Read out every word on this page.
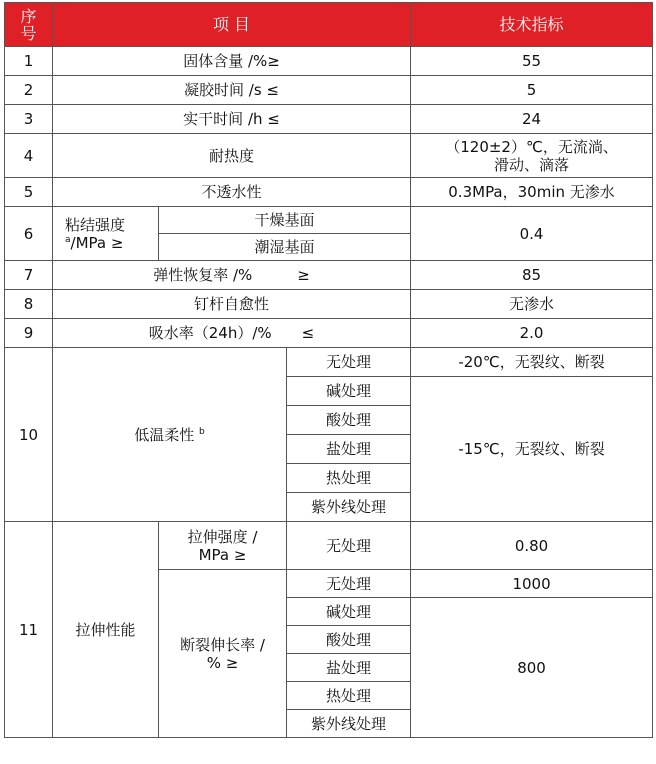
序
号	项 目			技术指标
1	固体含量 /%≥			55
2	凝胶时间 /s ≤			5
3	实干时间 /h ≤			24
4	耐热度			（120±2）℃，无流淌、
滑动、滴落
5	不透水性			0.3MPa，30min 无渗水
6	粘结强度
$^a$/MPa ≥	干燥基面		0.4
		潮湿基面		
7	弹性恢复率 /%　　　≥			85
8	钉杆自愈性			无渗水
9	吸水率（24h）/%　　≤			2.0
10	低温柔性 $^b$		无处理	-20℃，无裂纹、断裂
			碱处理	-15℃，无裂纹、断裂
			酸处理	
			盐处理	
			热处理	
			紫外线处理	
11	拉伸性能	拉伸强度 /
MPa ≥	无处理	0.80
		断裂伸长率 /
% ≥	无处理	1000
			碱处理	800
			酸处理	
			盐处理	
			热处理	
			紫外线处理	
